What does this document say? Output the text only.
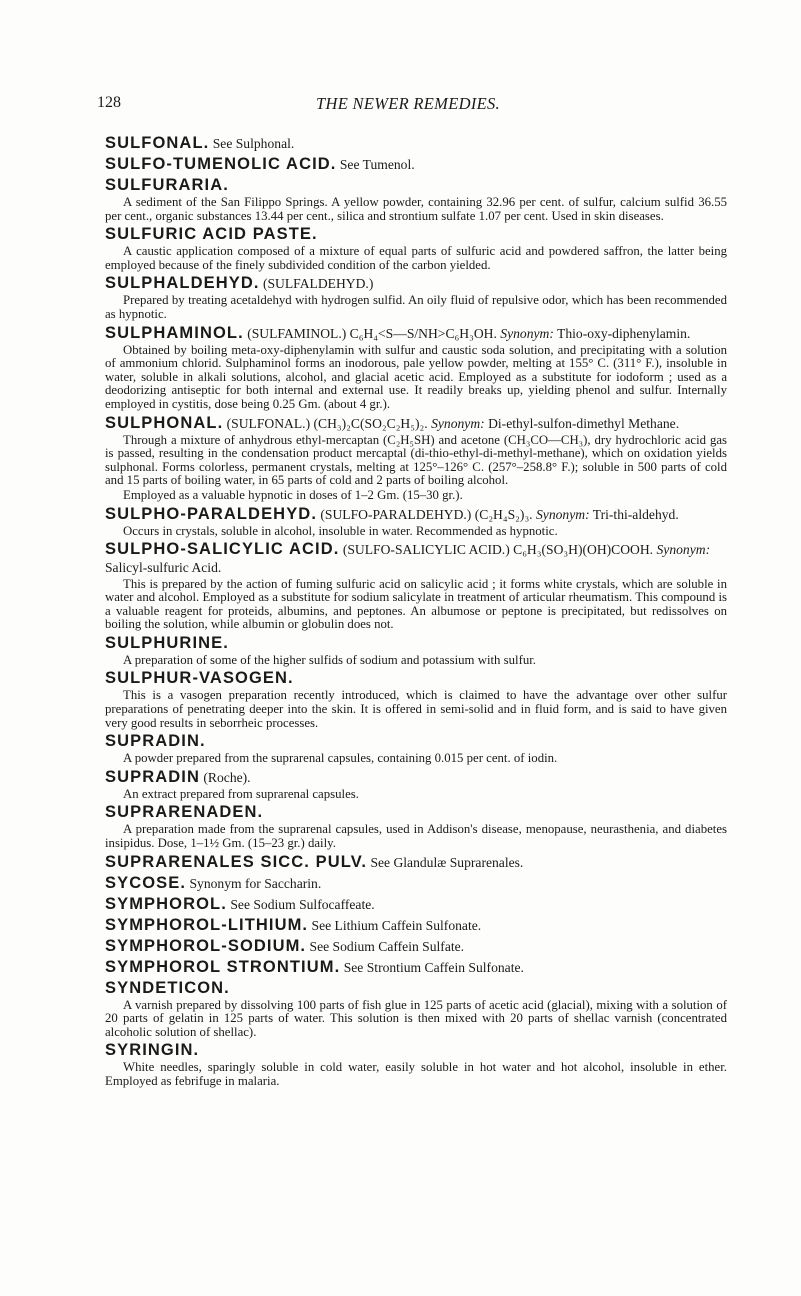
128	THE NEWER REMEDIES.
SULFONAL. See Sulphonal.
SULFO-TUMENOLIC ACID. See Tumenol.
SULFURARIA.

A sediment of the San Filippo Springs. A yellow powder, containing 32.96 per cent. of sulfur, calcium sulfid 36.55 per cent., organic substances 13.44 per cent., silica and strontium sulfate 1.07 per cent. Used in skin diseases.

SULFURIC ACID PASTE.

A caustic application composed of a mixture of equal parts of sulfuric acid and powdered saffron, the latter being employed because of the finely subdivided condition of the carbon yielded.

SULPHALDEHYD. (SULFALDEHYD.)

Prepared by treating acetaldehyd with hydrogen sulfid. An oily fluid of repulsive odor, which has been recommended as hypnotic.

SULPHAMINOL. (SULFAMINOL.) C₆H₄<S—S/NH>C₆H₃OH. Synonym: Thio-oxy-diphenylamin.

Obtained by boiling meta-oxy-diphenylamin with sulfur and caustic soda solution, and precipitating with a solution of ammonium chlorid. Sulphaminol forms an inodorous, pale yellow powder, melting at 155° C. (311° F.), insoluble in water, soluble in alkali solutions, alcohol, and glacial acetic acid. Employed as a substitute for iodoform ; used as a deodorizing antiseptic for both internal and external use. It readily breaks up, yielding phenol and sulfur. Internally employed in cystitis, dose being 0.25 Gm. (about 4 gr.).

SULPHONAL. (SULFONAL.) (CH₃)₂C(SO₂C₂H₅)₂. Synonym: Di-ethyl-sulfon-dimethyl Methane.

Through a mixture of anhydrous ethyl-mercaptan (C₂H₅SH) and acetone (CH₃CO—CH₃), dry hydrochloric acid gas is passed, resulting in the condensation product mercaptal (di-thio-ethyl-di-methyl-methane), which on oxidation yields sulphonal. Forms colorless, permanent crystals, melting at 125°–126° C. (257°–258.8° F.); soluble in 500 parts of cold and 15 parts of boiling water, in 65 parts of cold and 2 parts of boiling alcohol.

Employed as a valuable hypnotic in doses of 1–2 Gm. (15–30 gr.).

SULPHO-PARALDEHYD. (SULFO-PARALDEHYD.) (C₂H₄S₂)₃. Synonym: Tri-thi-aldehyd.

Occurs in crystals, soluble in alcohol, insoluble in water. Recommended as hypnotic.

SULPHO-SALICYLIC ACID. (SULFO-SALICYLIC ACID.) C₆H₃(SO₃H)(OH)COOH. Synonym: Salicyl-sulfuric Acid.

This is prepared by the action of fuming sulfuric acid on salicylic acid ; it forms white crystals, which are soluble in water and alcohol. Employed as a substitute for sodium salicylate in treatment of articular rheumatism. This compound is a valuable reagent for proteids, albumins, and peptones. An albumose or peptone is precipitated, but redissolves on boiling the solution, while albumin or globulin does not.

SULPHURINE.

A preparation of some of the higher sulfids of sodium and potassium with sulfur.

SULPHUR-VASOGEN.

This is a vasogen preparation recently introduced, which is claimed to have the advantage over other sulfur preparations of penetrating deeper into the skin. It is offered in semi-solid and in fluid form, and is said to have given very good results in seborrheic processes.

SUPRADIN.

A powder prepared from the suprarenal capsules, containing 0.015 per cent. of iodin.

SUPRADIN (Roche).

An extract prepared from suprarenal capsules.

SUPRARENADEN.

A preparation made from the suprarenal capsules, used in Addison's disease, menopause, neurasthenia, and diabetes insipidus. Dose, 1–1½ Gm. (15–23 gr.) daily.

SUPRARENALES SICC. PULV. See Glandulæ Suprarenales.
SYCOSE. Synonym for Saccharin.
SYMPHOROL. See Sodium Sulfocaffeate.
SYMPHOROL-LITHIUM. See Lithium Caffein Sulfonate.
SYMPHOROL-SODIUM. See Sodium Caffein Sulfate.
SYMPHOROL STRONTIUM. See Strontium Caffein Sulfonate.
SYNDETICON.

A varnish prepared by dissolving 100 parts of fish glue in 125 parts of acetic acid (glacial), mixing with a solution of 20 parts of gelatin in 125 parts of water. This solution is then mixed with 20 parts of shellac varnish (concentrated alcoholic solution of shellac).

SYRINGIN.

White needles, sparingly soluble in cold water, easily soluble in hot water and hot alcohol, insoluble in ether. Employed as febrifuge in malaria.
